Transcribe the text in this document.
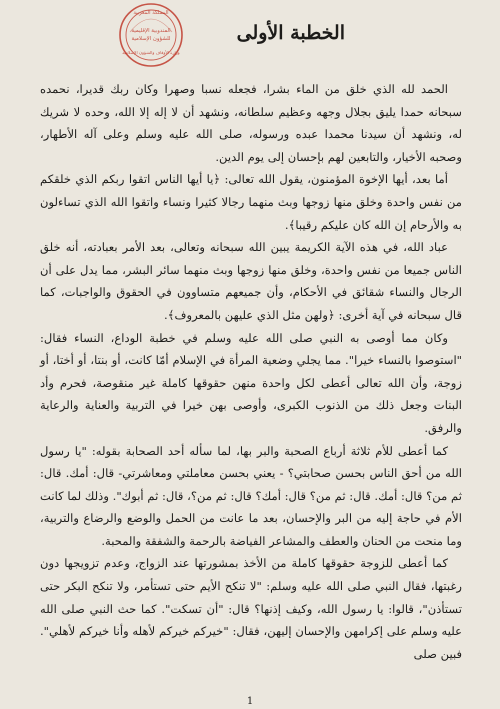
المملكة المغربية
المندوبية الإقليمية
للشؤون الإسلامية
وزارة الأوقاف والشؤون الإسلامية
الخطبة الأولى

الحمد لله الذي خلق من الماء بشرا، فجعله نسبا وصهرا وكان ربك قديرا، نحمده سبحانه حمدا يليق بجلال وجهه وعظيم سلطانه، ونشهد أن لا إله إلا الله، وحده لا شريك له، ونشهد أن سيدنا محمدا عبده ورسوله، صلى الله عليه وسلم وعلى آله الأطهار، وصحبه الأخيار، والتابعين لهم بإحسان إلى يوم الدين.

أما بعد، أيها الإخوة المؤمنون، يقول الله تعالى: ﴿يا أيها الناس اتقوا ربكم الذي خلقكم من نفس واحدة وخلق منها زوجها وبث منهما رجالا كثيرا ونساء واتقوا الله الذي تساءلون به والأرحام إن الله كان عليكم رقيبا﴾.

عباد الله، في هذه الآية الكريمة يبين الله سبحانه وتعالى، بعد الأمر بعبادته، أنه خلق الناس جميعا من نفس واحدة، وخلق منها زوجها وبث منهما سائر البشر، مما يدل على أن الرجال والنساء شقائق في الأحكام، وأن جميعهم متساوون في الحقوق والواجبات، كما قال سبحانه في آية أخرى: ﴿ولهن مثل الذي عليهن بالمعروف﴾.

وكان مما أوصى به النبي صلى الله عليه وسلم في خطبة الوداع، النساء فقال: "استوصوا بالنساء خيرا". مما يجلي وضعية المرأة في الإسلام أمّا كانت، أو بنتا، أو أختا، أو زوجة، وأن الله تعالى أعطى لكل واحدة منهن حقوقها كاملة غير منقوصة، فحرم وأد البنات وجعل ذلك من الذنوب الكبرى، وأوصى بهن خيرا في التربية والعناية والرعاية والرفق.

كما أعطى للأم ثلاثة أرباع الصحبة والبر بها، لما سأله أحد الصحابة بقوله: "يا رسول الله من أحق الناس بحسن صحابتي؟ - يعني بحسن معاملتي ومعاشرتي- قال: أمك. قال: ثم من؟ قال: أمك. قال: ثم من؟ قال: أمك؟ قال: ثم من؟، قال: ثم أبوك". وذلك لما كانت الأم في حاجة إليه من البر والإحسان، بعد ما عانت من الحمل والوضع والرضاع والتربية، وما منحت من الحنان والعطف والمشاعر الفياضة بالرحمة والشفقة والمحبة.

كما أعطى للزوجة حقوقها كاملة من الأخذ بمشورتها عند الزواج، وعدم تزويجها دون رغبتها، فقال النبي صلى الله عليه وسلم: "لا تنكح الأيم حتى تستأمر، ولا تنكح البكر حتى تستأذن"، قالوا: يا رسول الله، وكيف إذنها؟ قال: "أن تسكت". كما حث النبي صلى الله عليه وسلم على إكرامهن والإحسان إليهن، فقال: "خيركم خيركم لأهله وأنا خيركم لأهلي". فبين صلى

1
